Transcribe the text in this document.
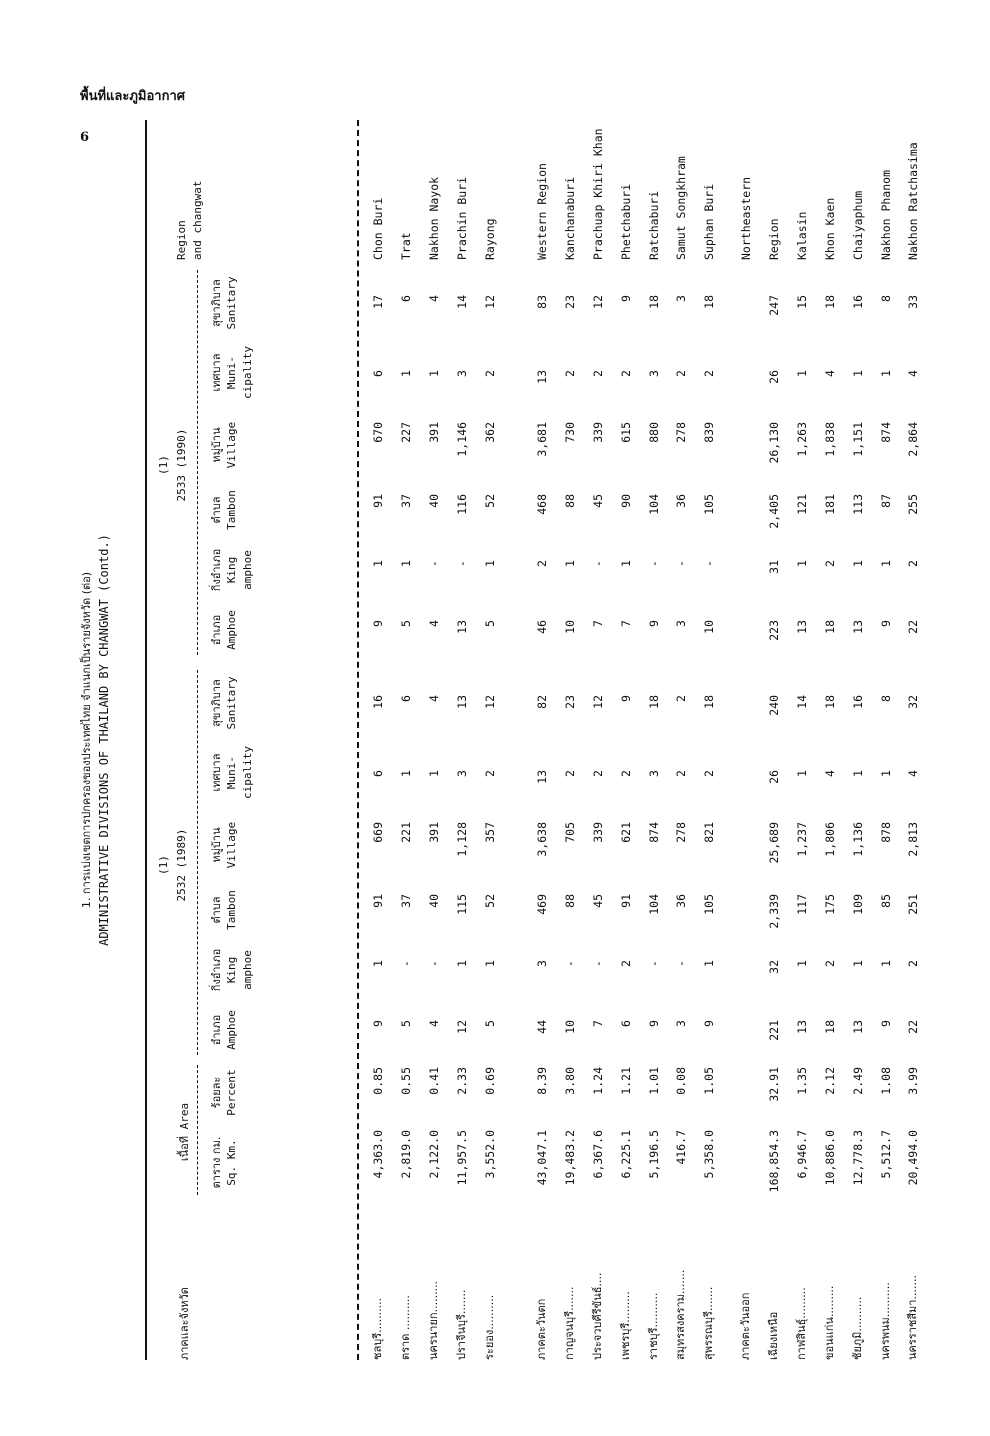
พื้นที่และภูมิอากาศ
6
1. การแบ่งเขตการปกครองของประเทศไทย จำแนกเป็นรายจังหวัด (ต่อ) ADMINISTRATIVE DIVISIONS OF THAILAND BY CHANGWAT (Contd.)
ภาคและจังหวัด
เนื้อที่ Area
(1) 2532 (1989)
(1) 2533 (1990)
ตาราง กม. Sq. Km.
ร้อยละ Percent
อำเภอ Amphoe
กิ่งอำเภอ King amphoe
ตำบล Tambon
หมู่บ้าน Village
เทศบาล Muni- cipality
สุขาภิบาล Sanitary
อำเภอ Amphoe
กิ่งอำเภอ King amphoe
ตำบล Tambon
หมู่บ้าน Village
เทศบาล Muni- cipality
สุขาภิบาล Sanitary
Region and changwat
ชลบุรี..........
4,363.0
0.85
9
1
91
669
6
16
9
1
91
670
6
17
Chon Buri
ตราด ..........
2,819.0
0.55
5
-
37
221
1
6
5
1
37
227
1
6
Trat
นครนายก.........
2,122.0
0.41
4
-
40
391
1
4
4
-
40
391
1
4
Nakhon Nayok
ปราจีนบุรี.......
11,957.5
2.33
12
1
115
1,128
3
13
13
-
116
1,146
3
14
Prachin Buri
ระยอง..........
3,552.0
0.69
5
1
52
357
2
12
5
1
52
362
2
12
Rayong
ภาคตะวันตก
43,047.1
8.39
44
3
469
3,638
13
82
46
2
468
3,681
13
83
Western Region
กาญจนบุรี.......
19,483.2
3.80
10
-
88
705
2
23
10
1
88
730
2
23
Kanchanaburi
ประจวบคีรีขันธ์....
6,367.6
1.24
7
-
45
339
2
12
7
-
45
339
2
12
Prachuap Khiri Khan
เพชรบุรี.........
6,225.1
1.21
6
2
91
621
2
9
7
1
90
615
2
9
Phetchaburi
ราชบุรี..........
5,196.5
1.01
9
-
104
874
3
18
9
-
104
880
3
18
Ratchaburi
สมุทรสงคราม.......
416.7
0.08
3
-
36
278
2
2
3
-
36
278
2
3
Samut Songkhram
สุพรรณบุรี.......
5,358.0
1.05
9
1
105
821
2
18
10
-
105
839
2
18
Suphan Buri
ภาคตะวันออก
Northeastern
เฉียงเหนือ
168,854.3
32.91
221
32
2,339
25,689
26
240
223
31
2,405
26,130
26
247
Region
กาฬสินธุ์.........
6,946.7
1.35
13
1
117
1,237
1
14
13
1
121
1,263
1
15
Kalasin
ขอนแก่น.........
10,886.0
2.12
18
2
175
1,806
4
18
18
2
181
1,838
4
18
Khon Kaen
ชัยภูมิ..........
12,778.3
2.49
13
1
109
1,136
1
16
13
1
113
1,151
1
16
Chaiyaphum
นครพนม..........
5,512.7
1.08
9
1
85
878
1
8
9
1
87
874
1
8
Nakhon Phanom
นครราชสีมา.......
20,494.0
3.99
22
2
251
2,813
4
32
22
2
255
2,864
4
33
Nakhon Ratchasima
